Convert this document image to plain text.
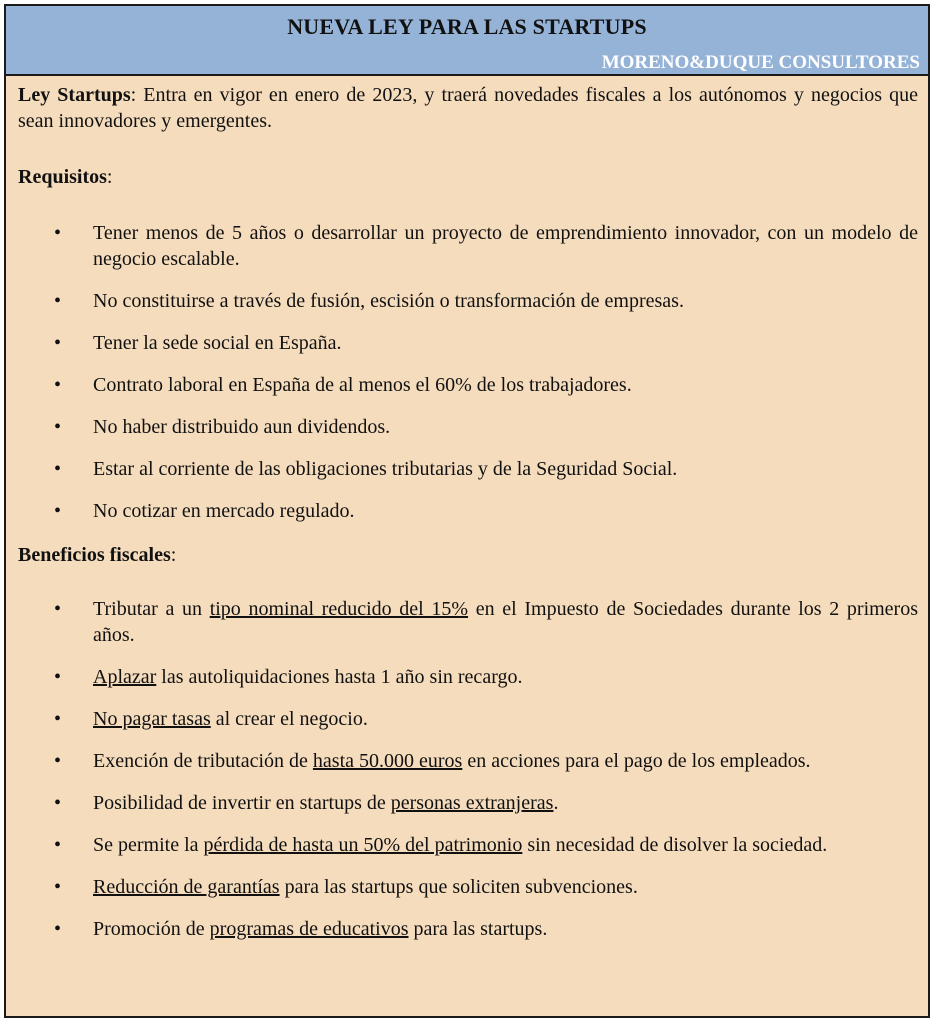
NUEVA LEY PARA LAS STARTUPS
MORENO&DUQUE CONSULTORES

Ley Startups: Entra en vigor en enero de 2023, y traerá novedades fiscales a los autónomos y negocios que sean innovadores y emergentes.

Requisitos:

• Tener menos de 5 años o desarrollar un proyecto de emprendimiento innovador, con un modelo de negocio escalable.
• No constituirse a través de fusión, escisión o transformación de empresas.
• Tener la sede social en España.
• Contrato laboral en España de al menos el 60% de los trabajadores.
• No haber distribuido aun dividendos.
• Estar al corriente de las obligaciones tributarias y de la Seguridad Social.
• No cotizar en mercado regulado.

Beneficios fiscales:

• Tributar a un tipo nominal reducido del 15% en el Impuesto de Sociedades durante los 2 primeros años.
• Aplazar las autoliquidaciones hasta 1 año sin recargo.
• No pagar tasas al crear el negocio.
• Exención de tributación de hasta 50.000 euros en acciones para el pago de los empleados.
• Posibilidad de invertir en startups de personas extranjeras.
• Se permite la pérdida de hasta un 50% del patrimonio sin necesidad de disolver la sociedad.
• Reducción de garantías para las startups que soliciten subvenciones.
• Promoción de programas de educativos para las startups.
